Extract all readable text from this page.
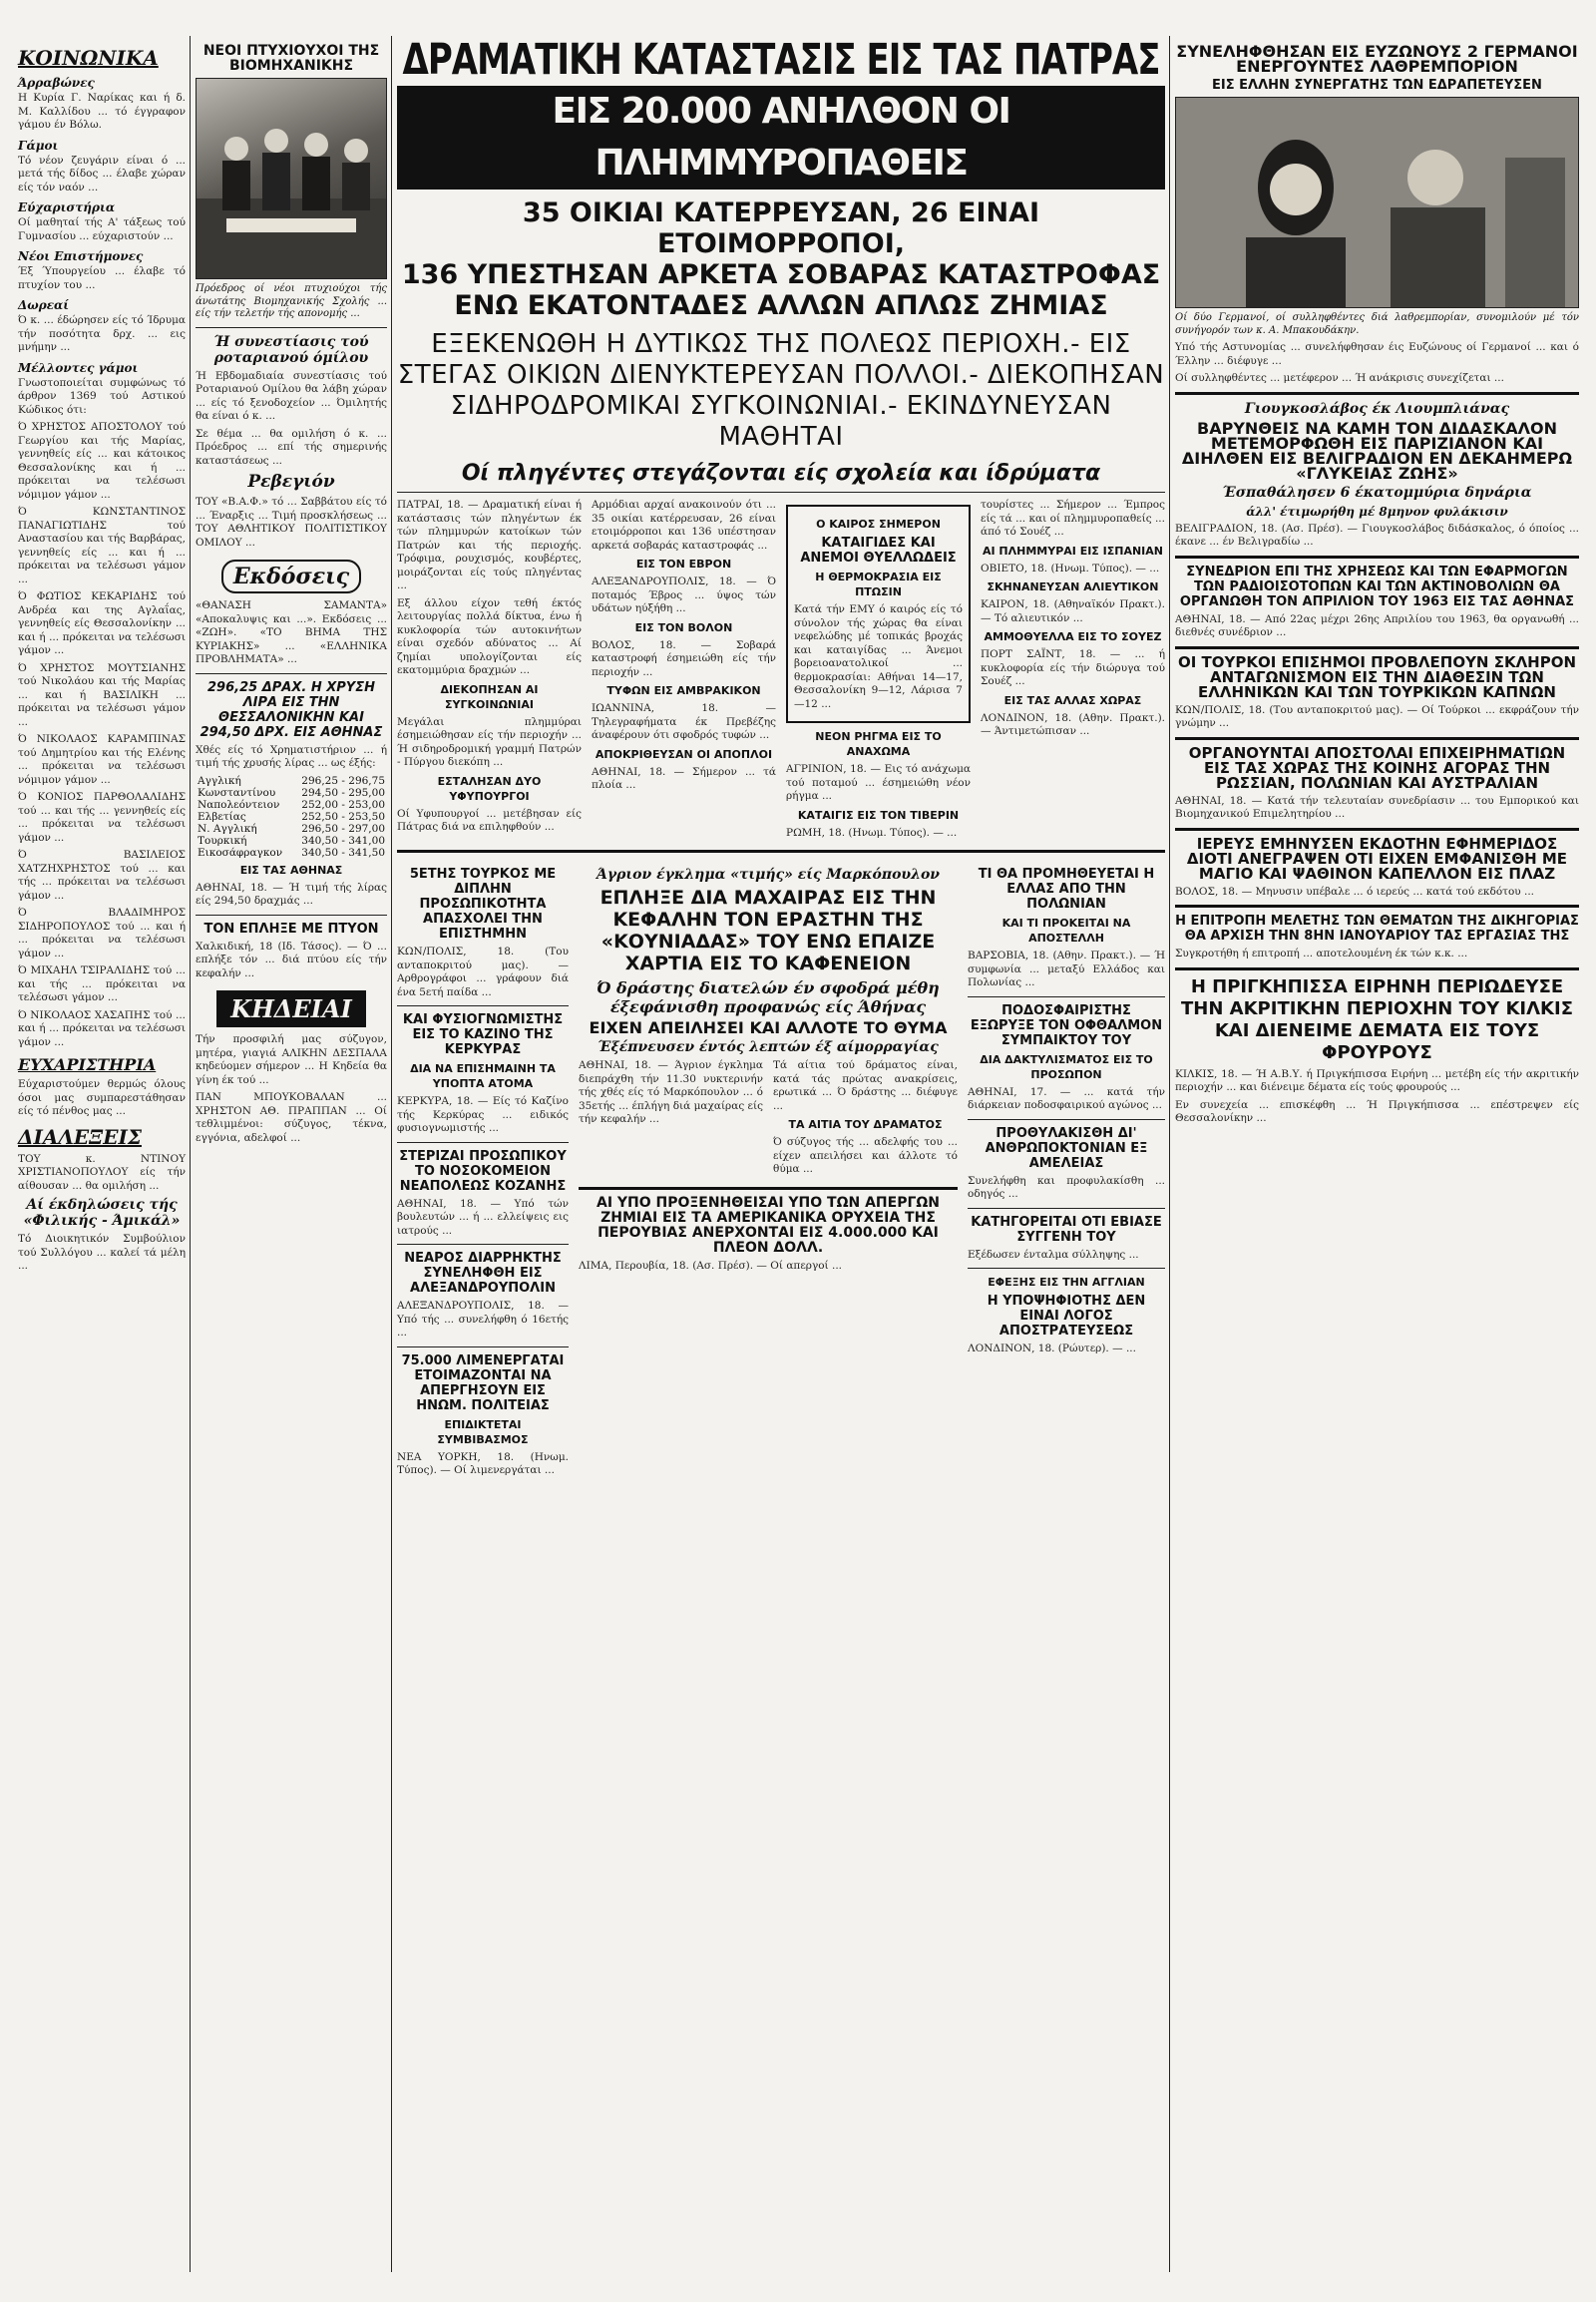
ΚΟΙΝΩΝΙΚΑ
Άρραβώνες

Η Κυρία Γ. Ναρίκας και ή δ. Μ. Καλλίδου ... τό έγγραφον γάμου έν Βόλω.

Γάμοι

Τό νέον ζευγάριν είναι ό ... μετά τής δίδος ... έλαβε χώραν είς τόν ναόν ...

Εύχαριστήρια

Οί μαθηταί τής Α' τάξεως τού Γυμνασίου ... εύχαριστούν ...

Νέοι Επιστήμονες

Έξ Ύπουργείου ... έλαβε τό πτυχίον του ...

Δωρεαί

Ό κ. ... έδώρησεν είς τό Ίδρυμα τήν ποσότητα δρχ. ... εις μνήμην ...

Μέλλοντες γάμοι

Γνωστοποιείται συμφώνως τό άρθρον 1369 τού Αστικού Κώδικος ότι:

Ό ΧΡΗΣΤΟΣ ΑΠΟΣΤΟΛΟΥ τού Γεωργίου και τής Μαρίας, γεννηθείς είς ... και κάτοικος Θεσσαλονίκης και ή ... πρόκειται να τελέσωσι νόμιμον γάμον ...

Ό ΚΩΝΣΤΑΝΤΙΝΟΣ ΠΑΝΑΓΙΩΤΙΔΗΣ τού Αναστασίου και τής Βαρβάρας, γεννηθείς είς ... και ή ... πρόκειται να τελέσωσι γάμον ...

Ό ΦΩΤΙΟΣ ΚΕΚΑΡΙΔΗΣ τού Ανδρέα και της Αγλαΐας, γεννηθείς είς Θεσσαλονίκην ... και ή ... πρόκειται να τελέσωσι γάμον ...

Ό ΧΡΗΣΤΟΣ ΜΟΥΤΣΙΑΝΗΣ τού Νικολάου και τής Μαρίας ... και ή ΒΑΣΙΛΙΚΗ ... πρόκειται να τελέσωσι γάμον ...

Ό ΝΙΚΟΛΑΟΣ ΚΑΡΑΜΠΙΝΑΣ τού Δημητρίου και τής Ελένης ... πρόκειται να τελέσωσι νόμιμον γάμον ...

Ό ΚΟΝΙΟΣ ΠΑΡΘΟΛΑΛΙΔΗΣ τού ... και τής ... γεννηθείς είς ... πρόκειται να τελέσωσι γάμον ...

Ό ΒΑΣΙΛΕΙΟΣ ΧΑΤΖΗΧΡΗΣΤΟΣ τού ... και τής ... πρόκειται να τελέσωσι γάμον ...

Ό ΒΛΑΔΙΜΗΡΟΣ ΣΙΔΗΡΟΠΟΥΛΟΣ τού ... και ή ... πρόκειται να τελέσωσι γάμον ...

Ό ΜΙΧΑΗΛ ΤΣΙΡΑΛΙΔΗΣ τού ... και τής ... πρόκειται να τελέσωσι γάμον ...

Ό ΝΙΚΟΛΑΟΣ ΧΑΣΑΠΗΣ τού ... και ή ... πρόκειται να τελέσωσι γάμον ...

ΕΥΧΑΡΙΣΤΗΡΙΑ

Εύχαριστούμεν θερμώς όλους όσοι μας συμπαρεστάθησαν είς τό πένθος μας ...

ΔΙΑΛΕΞΕΙΣ

ΤΟΥ κ. ΝΤΙΝΟΥ ΧΡΙΣΤΙΑΝΟΠΟΥΛΟΥ είς τήν αίθουσαν ... θα ομιλήση ...

Αί έκδηλώσεις τής «Φιλικής - Άμικάλ»

Τό Διοικητικόν Συμβούλιον τού Συλλόγου ... καλεί τά μέλη ...

ΝΕΟΙ ΠΤΥΧΙΟΥΧΟΙ ΤΗΣ ΒΙΟΜΗΧΑΝΙΚΗΣ

Πρόεδρος οί νέοι πτυχιούχοι τής άνωτάτης Βιομηχανικής Σχολής ... είς τήν τελετήν τής απονομής ...

Ή συνεστίασις τού ροταριανού όμίλου

Ή Εβδομαδιαία συνεστίασις τού Ροταριανού Ομίλου θα λάβη χώραν ... είς τό ξενοδοχείον ... Όμιλητής θα είναι ό κ. ...

Σε θέμα ... θα ομιλήση ό κ. ... Πρόεδρος ... επί τής σημερινής καταστάσεως ...

Ρεβεγιόν

ΤΟΥ «Β.Α.Φ.» τό ... Σαββάτου είς τό ... Έναρξις ... Τιμή προσκλήσεως ... ΤΟΥ ΑΘΛΗΤΙΚΟΥ ΠΟΛΙΤΙΣΤΙΚΟΥ ΟΜΙΛΟΥ ...

Εκδόσεις

«ΘΑΝΑΣΗ ΣΑΜΑΝΤΑ» «Αποκαλυψις και ...». Εκδόσεις ... «ΖΩΗ». «ΤΟ ΒΗΜΑ ΤΗΣ ΚΥΡΙΑΚΗΣ» ... «ΕΛΛΗΝΙΚΑ ΠΡΟΒΛΗΜΑΤΑ» ...

296,25 ΔΡΑΧ. Η ΧΡΥΣΗ ΛΙΡΑ ΕΙΣ ΤΗΝ ΘΕΣΣΑΛΟΝΙΚΗΝ ΚΑΙ 294,50 ΔΡΧ. ΕΙΣ ΑΘΗΝΑΣ

Χθές είς τό Χρηματιστήριον ... ή τιμή τής χρυσής λίρας ... ως έξής:

Αγγλική	296,25 - 296,75
Κωνσταντίνου	294,50 - 295,00
Ναπολεόντειον	252,00 - 253,00
Ελβετίας	252,50 - 253,50
Ν. Αγγλική	296,50 - 297,00
Τουρκική	340,50 - 341,00
Εικοσάφραγκον	340,50 - 341,50
ΕΙΣ ΤΑΣ ΑΘΗΝΑΣ

ΑΘΗΝΑΙ, 18. — Ή τιμή τής λίρας είς 294,50 δραχμάς ...

ΤΟΝ ΕΠΛΗΞΕ ΜΕ ΠΤΥΟΝ

Χαλκιδική, 18 (Ιδ. Τάσος). — Ό ... επλήξε τόν ... διά πτύου είς τήν κεφαλήν ...

ΚΗΔΕΙΑΙ

Τήν προσφιλή μας σύζυγον, μητέρα, γιαγιά ΑΛΙΚΗΝ ΔΕΣΠΑΛΑ κηδεύομεν σήμερον ... Η Κηδεία θα γίνη έκ τού ...

ΠΑΝ ΜΠΟΥΚΟΒΑΛΑΝ ... ΧΡΗΣΤΟΝ ΑΘ. ΠΡΑΠΠΑΝ ... Οί τεθλιμμένοι: σύζυγος, τέκνα, εγγόνια, αδελφοί ...

ΔΡΑΜΑΤΙΚΗ ΚΑΤΑΣΤΑΣΙΣ ΕΙΣ ΤΑΣ ΠΑΤΡΑΣ
ΕΙΣ 20.000 ΑΝΗΛΘΟΝ ΟΙ ΠΛΗΜΜΥΡΟΠΑΘΕΙΣ
35 ΟΙΚΙΑΙ ΚΑΤΕΡΡΕΥΣΑΝ, 26 ΕΙΝΑΙ ΕΤΟΙΜΟΡΡΟΠΟΙ,
136 ΥΠΕΣΤΗΣΑΝ ΑΡΚΕΤΑ ΣΟΒΑΡΑΣ ΚΑΤΑΣΤΡΟΦΑΣ
ΕΝΩ ΕΚΑΤΟΝΤΑΔΕΣ ΑΛΛΩΝ ΑΠΛΩΣ ΖΗΜΙΑΣ
ΕΞΕΚΕΝΩΘΗ Η ΔΥΤΙΚΩΣ ΤΗΣ ΠΟΛΕΩΣ ΠΕΡΙΟΧΗ.- ΕΙΣ ΣΤΕΓΑΣ ΟΙΚΙΩΝ ΔΙΕΝΥΚΤΕΡΕΥΣΑΝ ΠΟΛΛΟΙ.- ΔΙΕΚΟΠΗΣΑΝ ΣΙΔΗΡΟΔΡΟΜΙΚΑΙ ΣΥΓΚΟΙΝΩΝΙΑΙ.- ΕΚΙΝΔΥΝΕΥΣΑΝ ΜΑΘΗΤΑΙ
Οί πληγέντες στεγάζονται είς σχολεία και ίδρύματα

ΠΑΤΡΑΙ, 18. — Δραματική είναι ή κατάστασις τών πληγέντων έκ τών πλημμυρών κατοίκων τών Πατρών και τής περιοχής. Τρόφιμα, ρουχισμός, κουβέρτες, μοιράζονται είς τούς πληγέντας ...

Εξ άλλου είχον τεθή έκτός λειτουργίας πολλά δίκτυα, ένω ή κυκλοφορία τών αυτοκινήτων είναι σχεδόν αδύνατος ... Αί ζημίαι υπολογίζονται είς εκατομμύρια δραχμών ...

ΔΙΕΚΟΠΗΣΑΝ ΑΙ ΣΥΓΚΟΙΝΩΝΙΑΙ

Μεγάλαι πλημμύραι έσημειώθησαν είς τήν περιοχήν ... Ή σιδηροδρομική γραμμή Πατρών - Πύργου διεκόπη ...

ΕΣΤΑΛΗΣΑΝ ΔΥΟ ΥΦΥΠΟΥΡΓΟΙ

Οί Υφυπουργοί ... μετέβησαν είς Πάτρας διά να επιληφθούν ...

Αρμόδιαι αρχαί ανακοινούν ότι ... 35 οικίαι κατέρρευσαν, 26 είναι ετοιμόρροποι και 136 υπέστησαν αρκετά σοβαράς καταστροφάς ...

ΕΙΣ ΤΟΝ ΕΒΡΟΝ

ΑΛΕΞΑΝΔΡΟΥΠΟΛΙΣ, 18. — Ό ποταμός Έβρος ... ύψος τών υδάτων ηύξήθη ...

ΕΙΣ ΤΟΝ ΒΟΛΟΝ

ΒΟΛΟΣ, 18. — Σοβαρά καταστροφή έσημειώθη είς τήν περιοχήν ...

ΤΥΦΩΝ ΕΙΣ ΑΜΒΡΑΚΙΚΟΝ

ΙΩΑΝΝΙΝΑ, 18. — Τηλεγραφήματα έκ Πρεβέζης άναφέρουν ότι σφοδρός τυφών ...

ΑΠΟΚΡΙΘΕΥΣΑΝ ΟΙ ΑΠΟΠΛΟΙ

ΑΘΗΝΑΙ, 18. — Σήμερον ... τά πλοία ...

Ο ΚΑΙΡΟΣ ΣΗΜΕΡΟΝ
ΚΑΤΑΙΓΙΔΕΣ ΚΑΙ ΑΝΕΜΟΙ ΘΥΕΛΛΩΔΕΙΣ
Η ΘΕΡΜΟΚΡΑΣΙΑ ΕΙΣ ΠΤΩΣΙΝ

Κατά τήν ΕΜΥ ό καιρός είς τό σύνολον τής χώρας θα είναι νεφελώδης μέ τοπικάς βροχάς και καταιγίδας ... Άνεμοι βορειοανατολικοί ... θερμοκρασίαι: Αθήναι 14—17, Θεσσαλονίκη 9—12, Λάρισα 7—12 ...

ΝΕΟΝ ΡΗΓΜΑ ΕΙΣ ΤΟ ΑΝΑΧΩΜΑ

ΑΓΡΙΝΙΟΝ, 18. — Εις τό ανάχωμα τού ποταμού ... έσημειώθη νέον ρήγμα ...

ΚΑΤΑΙΓΙΣ ΕΙΣ ΤΟΝ ΤΙΒΕΡΙΝ

ΡΩΜΗ, 18. (Ηνωμ. Τύπος). — ...

τουρίστες ... Σήμερον ... Έμπρος είς τά ... και οί πλημμυροπαθείς ... άπό τό Σουέζ ...

ΑΙ ΠΛΗΜΜΥΡΑΙ ΕΙΣ ΙΣΠΑΝΙΑΝ

ΟΒΙΕΤΟ, 18. (Ηνωμ. Τύπος). — ...

ΣΚΗΝΑΝΕΥΣΑΝ ΑΛΙΕΥΤΙΚΟΝ

ΚΑΙΡΟΝ, 18. (Αθηναϊκόν Πρακτ.). — Τό αλιευτικόν ...

ΑΜΜΟΘΥΕΛΛΑ ΕΙΣ ΤΟ ΣΟΥΕΖ

ΠΟΡΤ ΣΑΪΝΤ, 18. — ... ή κυκλοφορία είς τήν διώρυγα τού Σουέζ ...

ΕΙΣ ΤΑΣ ΑΛΛΑΣ ΧΩΡΑΣ

ΛΟΝΔΙΝΟΝ, 18. (Αθην. Πρακτ.). — Άντιμετώπισαν ...

5ΕΤΗΣ ΤΟΥΡΚΟΣ ΜΕ ΔΙΠΛΗΝ ΠΡΟΣΩΠΙΚΟΤΗΤΑ ΑΠΑΣΧΟΛΕΙ ΤΗΝ ΕΠΙΣΤΗΜΗΝ

ΚΩΝ/ΠΟΛΙΣ, 18. (Του ανταποκριτού μας). — Αρθρογράφοι ... γράφουν διά ένα 5ετή παίδα ...

ΚΑΙ ΦΥΣΙΟΓΝΩΜΙΣΤΗΣ ΕΙΣ ΤΟ ΚΑΖΙΝΟ ΤΗΣ ΚΕΡΚΥΡΑΣ
ΔΙΑ ΝΑ ΕΠΙΣΗΜΑΙΝΗ ΤΑ ΥΠΟΠΤΑ ΑΤΟΜΑ

ΚΕΡΚΥΡΑ, 18. — Είς τό Καζίνο τής Κερκύρας ... ειδικός φυσιογνωμιστής ...

ΣΤΕΡΙΖΑΙ ΠΡΟΣΩΠΙΚΟΥ ΤΟ ΝΟΣΟΚΟΜΕΙΟΝ ΝΕΑΠΟΛΕΩΣ ΚΟΖΑΝΗΣ

ΑΘΗΝΑΙ, 18. — Υπό τών βουλευτών ... ή ... ελλείψεις εις ιατρούς ...

ΝΕΑΡΟΣ ΔΙΑΡΡΗΚΤΗΣ ΣΥΝΕΛΗΦΘΗ ΕΙΣ ΑΛΕΞΑΝΔΡΟΥΠΟΛΙΝ

ΑΛΕΞΑΝΔΡΟΥΠΟΛΙΣ, 18. — Υπό τής ... συνελήφθη ό 16ετής ...

75.000 ΛΙΜΕΝΕΡΓΑΤΑΙ ΕΤΟΙΜΑΖΟΝΤΑΙ ΝΑ ΑΠΕΡΓΗΣΟΥΝ ΕΙΣ ΗΝΩΜ. ΠΟΛΙΤΕΙΑΣ
ΕΠΙΔΙΚΤΕΤΑΙ ΣΥΜΒΙΒΑΣΜΟΣ

ΝΕΑ ΥΟΡΚΗ, 18. (Ηνωμ. Τύπος). — Οί λιμενεργάται ...

Άγριον έγκλημα «τιμής» είς Μαρκόπουλον
ΕΠΛΗΞΕ ΔΙΑ ΜΑΧΑΙΡΑΣ ΕΙΣ ΤΗΝ ΚΕΦΑΛΗΝ ΤΟΝ ΕΡΑΣΤΗΝ ΤΗΣ «ΚΟΥΝΙΑΔΑΣ» ΤΟΥ ΕΝΩ ΕΠΑΙΖΕ ΧΑΡΤΙΑ ΕΙΣ ΤΟ ΚΑΦΕΝΕΙΟΝ
Ό δράστης διατελών έν σφοδρά μέθη έξεφάνισθη προφανώς είς Άθήνας
ΕΙΧΕΝ ΑΠΕΙΛΗΣΕΙ ΚΑΙ ΑΛΛΟΤΕ ΤΟ ΘΥΜΑ
Έξέπνευσεν έντός λεπτών έξ αίμορραγίας

ΑΘΗΝΑΙ, 18. — Άγριον έγκλημα διεπράχθη τήν 11.30 νυκτερινήν τής χθές είς τό Μαρκόπουλον ... ό 35ετής ... έπλήγη διά μαχαίρας είς τήν κεφαλήν ...

Τά αίτια τού δράματος είναι, κατά τάς πρώτας ανακρίσεις, ερωτικά ... Ό δράστης ... διέφυγε ...

ΤΑ ΑΙΤΙΑ ΤΟΥ ΔΡΑΜΑΤΟΣ

Ό σύζυγος τής ... αδελφής του ... είχεν απειλήσει και άλλοτε τό θύμα ...

ΑΙ ΥΠΟ ΠΡΟΞΕΝΗΘΕΙΣΑΙ ΥΠΟ ΤΩΝ ΑΠΕΡΓΩΝ ΖΗΜΙΑΙ ΕΙΣ ΤΑ ΑΜΕΡΙΚΑΝΙΚΑ ΟΡΥΧΕΙΑ ΤΗΣ ΠΕΡΟΥΒΙΑΣ ΑΝΕΡΧΟΝΤΑΙ ΕΙΣ 4.000.000 ΚΑΙ ΠΛΕΟΝ ΔΟΛΛ.

ΛΙΜΑ, Περουβία, 18. (Ασ. Πρέσ). — Οί απεργοί ...

ΤΙ ΘΑ ΠΡΟΜΗΘΕΥΕΤΑΙ Η ΕΛΛΑΣ ΑΠΟ ΤΗΝ ΠΟΛΩΝΙΑΝ
ΚΑΙ ΤΙ ΠΡΟΚΕΙΤΑΙ ΝΑ ΑΠΟΣΤΕΛΛΗ

ΒΑΡΣΟΒΙΑ, 18. (Αθην. Πρακτ.). — Ή συμφωνία ... μεταξύ Ελλάδος και Πολωνίας ...

ΠΟΔΟΣΦΑΙΡΙΣΤΗΣ ΕΞΩΡΥΞΕ ΤΟΝ ΟΦΘΑΛΜΟΝ ΣΥΜΠΑΙΚΤΟΥ ΤΟΥ
ΔΙΑ ΔΑΚΤΥΛΙΣΜΑΤΟΣ ΕΙΣ ΤΟ ΠΡΟΣΩΠΟΝ

ΑΘΗΝΑΙ, 17. — ... κατά τήν διάρκειαν ποδοσφαιρικού αγώνος ...

ΠΡΟΘΥΛΑΚΙΣΘΗ ΔΙ' ΑΝΘΡΩΠΟΚΤΟΝΙΑΝ ΕΞ ΑΜΕΛΕΙΑΣ

Συνελήφθη και προφυλακίσθη ... οδηγός ...

ΚΑΤΗΓΟΡΕΙΤΑΙ ΟΤΙ ΕΒΙΑΣΕ ΣΥΓΓΕΝΗ ΤΟΥ

Εξέδωσεν ένταλμα σύλληψης ...

ΕΦΕΞΗΣ ΕΙΣ ΤΗΝ ΑΓΓΛΙΑΝ
Η ΥΠΟΨΗΦΙΟΤΗΣ ΔΕΝ ΕΙΝΑΙ ΛΟΓΟΣ ΑΠΟΣΤΡΑΤΕΥΣΕΩΣ

ΛΟΝΔΙΝΟΝ, 18. (Ρώυτερ). — ...

ΣΥΝΕΛΗΦΘΗΣΑΝ ΕΙΣ ΕΥΖΩΝΟΥΣ 2 ΓΕΡΜΑΝΟΙ ΕΝΕΡΓΟΥΝΤΕΣ ΛΑΘΡΕΜΠΟΡΙΟΝ
ΕΙΣ ΕΛΛΗΝ ΣΥΝΕΡΓΑΤΗΣ ΤΩΝ ΕΔΡΑΠΕΤΕΥΣΕΝ

Οί δύο Γερμανοί, οί συλληφθέντες διά λαθρεμπορίαν, συνομιλούν μέ τόν συνήγορόν των κ. Α. Μπακουδάκην.

Υπό τής Αστυνομίας ... συνελήφθησαν έις Ευζώνους οί Γερμανοί ... και ό Έλλην ... διέφυγε ...

Οί συλληφθέντες ... μετέφερον ... Ή ανάκρισις συνεχίζεται ...

Γιουγκοσλάβος έκ Λιουμπλιάνας
ΒΑΡΥΝΘΕΙΣ ΝΑ ΚΑΜΗ ΤΟΝ ΔΙΔΑΣΚΑΛΟΝ ΜΕΤΕΜΟΡΦΩΘΗ ΕΙΣ ΠΑΡΙΖΙΑΝΟΝ ΚΑΙ ΔΙΗΛΘΕΝ ΕΙΣ ΒΕΛΙΓΡΑΔΙΟΝ ΕΝ ΔΕΚΑΗΜΕΡΩ «ΓΛΥΚΕΙΑΣ ΖΩΗΣ»
Έσπαθάλησεν 6 έκατομμύρια δηνάρια
άλλ' έτιμωρήθη μέ 8μηνον φυλάκισιν

ΒΕΛΙΓΡΑΔΙΟΝ, 18. (Ασ. Πρέσ). — Γιουγκοσλάβος διδάσκαλος, ό όποίος ... έκανε ... έν Βελιγραδίω ...

ΣΥΝΕΔΡΙΟΝ ΕΠΙ ΤΗΣ ΧΡΗΣΕΩΣ ΚΑΙ ΤΩΝ ΕΦΑΡΜΟΓΩΝ ΤΩΝ ΡΑΔΙΟΙΣΟΤΟΠΩΝ ΚΑΙ ΤΩΝ ΑΚΤΙΝΟΒΟΛΙΩΝ ΘΑ ΟΡΓΑΝΩΘΗ ΤΟΝ ΑΠΡΙΛΙΟΝ ΤΟΥ 1963 ΕΙΣ ΤΑΣ ΑΘΗΝΑΣ

ΑΘΗΝΑΙ, 18. — Από 22ας μέχρι 26ης Απριλίου του 1963, θα οργανωθή ... διεθνές συνέδριον ...

ΟΙ ΤΟΥΡΚΟΙ ΕΠΙΣΗΜΟΙ ΠΡΟΒΛΕΠΟΥΝ ΣΚΛΗΡΟΝ ΑΝΤΑΓΩΝΙΣΜΟΝ ΕΙΣ ΤΗΝ ΔΙΑΘΕΣΙΝ ΤΩΝ ΕΛΛΗΝΙΚΩΝ ΚΑΙ ΤΩΝ ΤΟΥΡΚΙΚΩΝ ΚΑΠΝΩΝ

ΚΩΝ/ΠΟΛΙΣ, 18. (Του ανταποκριτού μας). — Οί Τούρκοι ... εκφράζουν τήν γνώμην ...

ΟΡΓΑΝΟΥΝΤΑΙ ΑΠΟΣΤΟΛΑΙ ΕΠΙΧΕΙΡΗΜΑΤΙΩΝ ΕΙΣ ΤΑΣ ΧΩΡΑΣ ΤΗΣ ΚΟΙΝΗΣ ΑΓΟΡΑΣ ΤΗΝ ΡΩΣΣΙΑΝ, ΠΟΛΩΝΙΑΝ ΚΑΙ ΑΥΣΤΡΑΛΙΑΝ

ΑΘΗΝΑΙ, 18. — Κατά τήν τελευταίαν συνεδρίασιν ... του Εμπορικού και Βιομηχανικού Επιμελητηρίου ...

ΙΕΡΕΥΣ ΕΜΗΝΥΣΕΝ ΕΚΔΟΤΗΝ ΕΦΗΜΕΡΙΔΟΣ ΔΙΟΤΙ ΑΝΕΓΡΑΨΕΝ ΟΤΙ ΕΙΧΕΝ ΕΜΦΑΝΙΣΘΗ ΜΕ ΜΑΓΙΟ ΚΑΙ ΨΑΘΙΝΟΝ ΚΑΠΕΛΛΟΝ ΕΙΣ ΠΛΑΖ

ΒΟΛΟΣ, 18. — Μηνυσιν υπέβαλε ... ό ιερεύς ... κατά τού εκδότου ...

Η ΕΠΙΤΡΟΠΗ ΜΕΛΕΤΗΣ ΤΩΝ ΘΕΜΑΤΩΝ ΤΗΣ ΔΙΚΗΓΟΡΙΑΣ ΘΑ ΑΡΧΙΣΗ ΤΗΝ 8ΗΝ ΙΑΝΟΥΑΡΙΟΥ ΤΑΣ ΕΡΓΑΣΙΑΣ ΤΗΣ

Συγκροτήθη ή επιτροπή ... αποτελουμένη έκ τών κ.κ. ...

Η ΠΡΙΓΚΗΠΙΣΣΑ ΕΙΡΗΝΗ ΠΕΡΙΩΔΕΥΣΕ ΤΗΝ ΑΚΡΙΤΙΚΗΝ ΠΕΡΙΟΧΗΝ ΤΟΥ ΚΙΛΚΙΣ ΚΑΙ ΔΙΕΝΕΙΜΕ ΔΕΜΑΤΑ ΕΙΣ ΤΟΥΣ ΦΡΟΥΡΟΥΣ

ΚΙΛΚΙΣ, 18. — Ή Α.Β.Υ. ή Πριγκήπισσα Ειρήνη ... μετέβη είς τήν ακριτικήν περιοχήν ... και διένειμε δέματα είς τούς φρουρούς ...

Εν συνεχεία ... επισκέφθη ... Ή Πριγκήπισσα ... επέστρεψεν είς Θεσσαλονίκην ...
